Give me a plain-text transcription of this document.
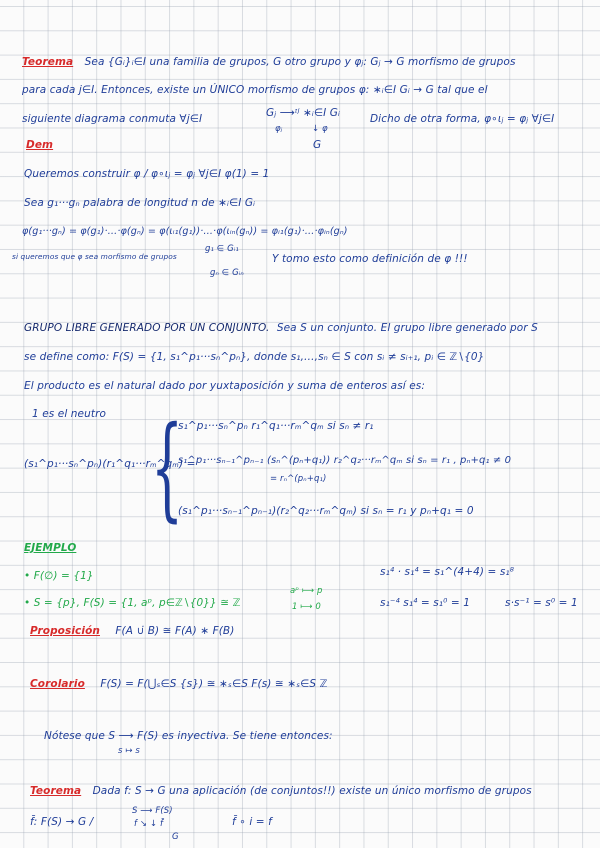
Teorema Sea {Gᵢ}ᵢ∈I una familia de grupos, G otro grupo y φⱼ: Gⱼ → G morfismo de grupos
para cada j∈I. Entonces, existe un ÚNICO morfismo de grupos φ: ∗ᵢ∈I Gᵢ → G tal que el
siguiente diagrama conmuta ∀j∈I	Gⱼ ⟶ᶦʲ ∗ᵢ∈I Gᵢ
φⱼ	↓ φ
G
Dicho de otra forma, φ∘ιⱼ = φⱼ ∀j∈I
Dem
Queremos construir φ / φ∘ιⱼ = φⱼ ∀j∈I φ(1) = 1
Sea g₁···gₙ palabra de longitud n de ∗ᵢ∈I Gᵢ
φ(g₁···gₙ) = φ(g₁)·…·φ(gₙ) = φ(ιᵢ₁(g₁))·…·φ(ιᵢₙ(gₙ)) = φᵢ₁(g₁)·…·φᵢₙ(gₙ)
si queremos que φ sea morfismo de grupos
g₁ ∈ Gᵢ₁
gₙ ∈ Gᵢₙ
Y tomo esto como definición de φ !!!
GRUPO LIBRE GENERADO POR UN CONJUNTO. Sea S un conjunto. El grupo libre generado por S
se define como: F(S) = {1, s₁^p₁···sₙ^pₙ}, donde s₁,…,sₙ ∈ S con sᵢ ≠ sᵢ₊₁, pᵢ ∈ ℤ∖{0}
El producto es el natural dado por yuxtaposición y suma de enteros así es:
1 es el neutro
(s₁^p₁···sₙ^pₙ)(r₁^q₁···rₘ^qₘ) =
{
s₁^p₁···sₙ^pₙ r₁^q₁···rₘ^qₘ si sₙ ≠ r₁
s₁^p₁···sₙ₋₁^pₙ₋₁ (sₙ^(pₙ+q₁)) r₂^q₂···rₘ^qₘ si sₙ = r₁ , pₙ+q₁ ≠ 0
= rₙ^(pₙ+q₁)
(s₁^p₁···sₙ₋₁^pₙ₋₁)(r₂^q₂···rₘ^qₘ) si sₙ = r₁ y pₙ+q₁ = 0
EJEMPLO
• F(∅) = {1}	s₁⁴ · s₁⁴ = s₁^(4+4) = s₁⁸
• S = {p}, F(S) = {1, aᵖ, p∈ℤ∖{0}} ≅ ℤ
aᵖ ⟼ p
1 ⟼ 0	s₁⁻⁴ s₁⁴ = s₁⁰ = 1	s·s⁻¹ = s⁰ = 1
Proposición F(A ∪̇ B) ≅ F(A) ∗ F(B)
Corolario F(S) = F(⋃̇ₛ∈S {s}) ≅ ∗ₛ∈S F(s) ≅ ∗ₛ∈S ℤ
Nótese que S ⟶ F(S) es inyectiva. Se tiene entonces:
s ↦ s
Teorema Dada f: S → G una aplicación (de conjuntos!!) existe un único morfismo de grupos
f̄: F(S) → G /
S ⟶ F(S)
f ↘ ↓ f̄
G
f̄ ∘ i = f
